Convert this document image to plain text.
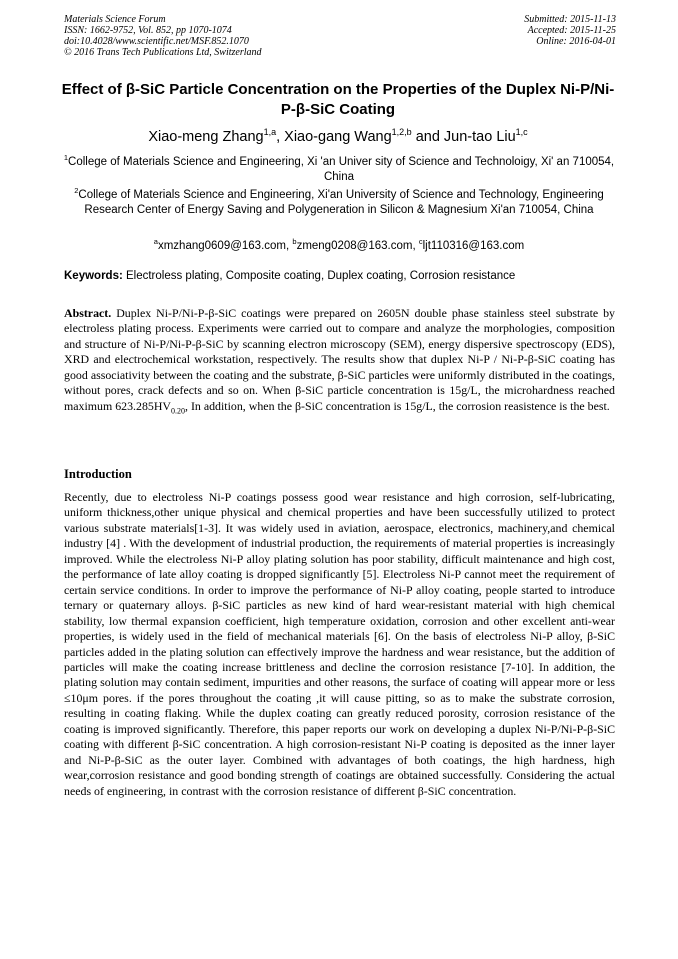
Materials Science Forum
ISSN: 1662-9752, Vol. 852, pp 1070-1074
doi:10.4028/www.scientific.net/MSF.852.1070
© 2016 Trans Tech Publications Ltd, Switzerland
Submitted: 2015-11-13
Accepted: 2015-11-25
Online: 2016-04-01
Effect of β-SiC Particle Concentration on the Properties of the Duplex Ni-P/Ni-P-β-SiC Coating
Xiao-meng Zhang$^{1,a}$, Xiao-gang Wang$^{1,2,b}$ and Jun-tao Liu$^{1,c}$
$^1$College of Materials Science and Engineering, Xi 'an Univer sity of Science and Technoloigy, Xi' an 710054, China
$^2$College of Materials Science and Engineering, Xi'an University of Science and Technology, Engineering Research Center of Energy Saving and Polygeneration in Silicon & Magnesium Xi'an 710054, China
$^a$xmzhang0609@163.com, $^b$zmeng0208@163.com, $^c$ljt110316@163.com
Keywords: Electroless plating, Composite coating, Duplex coating, Corrosion resistance

Abstract. Duplex Ni-P/Ni-P-β-SiC coatings were prepared on 2605N double phase stainless steel substrate by electroless plating process. Experiments were carried out to compare and analyze the morphologies, composition and structure of Ni-P/Ni-P-β-SiC by scanning electron microscopy (SEM), energy dispersive spectroscopy (EDS), XRD and electrochemical workstation, respectively. The results show that duplex Ni-P / Ni-P-β-SiC coating has good associativity between the coating and the substrate, β-SiC particles were uniformly distributed in the coatings, without pores, crack defects and so on. When β-SiC particle concentration is 15g/L, the microhardness reached maximum $623.285HV_{0.20}$, In addition, when the β-SiC concentration is 15g/L, the corrosion reasistence is the best.

Introduction

Recently, due to electroless Ni-P coatings possess good wear resistance and high corrosion, self-lubricating, uniform thickness,other unique physical and chemical properties and have been successfully utilized to protect various substrate materials[1-3]. It was widely used in aviation, aerospace, electronics, machinery,and chemical industry [4] . With the development of industrial production, the requirements of material properties is increasingly improved. While the electroless Ni-P alloy plating solution has poor stability, difficult maintenance and high cost, the performance of late alloy coating is dropped significantly [5]. Electroless Ni-P cannot meet the requirement of certain service conditions. In order to improve the performance of Ni-P alloy coating, people started to introduce ternary or quaternary alloys. β-SiC particles as new kind of hard wear-resistant material with high chemical stability, low thermal expansion coefficient, high temperature oxidation, corrosion and other excellent anti-wear properties, is widely used in the field of mechanical materials [6]. On the basis of electroless Ni-P alloy, β-SiC particles added in the plating solution can effectively improve the hardness and wear resistance, but the addition of particles will make the coating increase brittleness and decline the corrosion resistance [7-10]. In addition, the plating solution may contain sediment, impurities and other reasons, the surface of coating will appear more or less ≤10μm pores. if the pores throughout the coating ,it will cause pitting, so as to make the substrate corrosion, resulting in coating flaking. While the duplex coating can greatly reduced porosity, corrosion resistance of the coating is improved significantly. Therefore, this paper reports our work on developing a duplex Ni-P/Ni-P-β-SiC coating with different β-SiC concentration. A high corrosion-resistant Ni-P coating is deposited as the inner layer and Ni-P-β-SiC as the outer layer. Combined with advantages of both coatings, the high hardness, high wear,corrosion resistance and good bonding strength of coatings are obtained successfully. Considering the actual needs of engineering, in contrast with the corrosion resistance of different β-SiC concentration.
